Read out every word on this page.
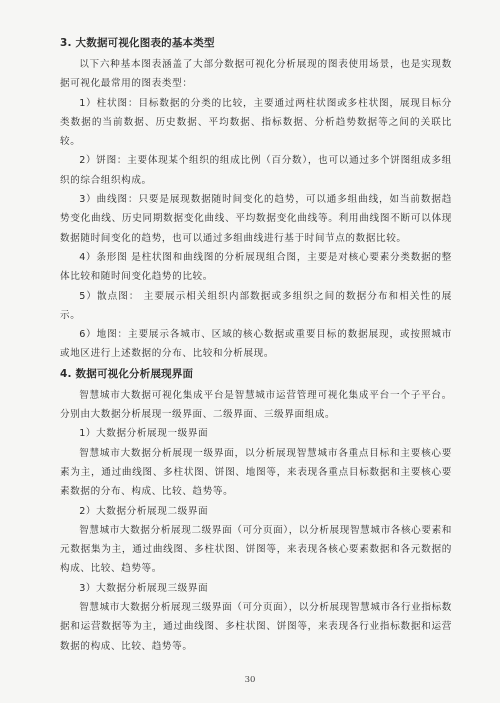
3. 大数据可视化图表的基本类型

以下六种基本图表涵盖了大部分数据可视化分析展现的图表使用场景，也是实现数据可视化最常用的图表类型：

1）柱状图：目标数据的分类的比较，主要通过两柱状图或多柱状图，展现目标分类数据的当前数据、历史数据、平均数据、指标数据、分析趋势数据等之间的关联比较。

2）饼图：主要体现某个组织的组成比例（百分数），也可以通过多个饼图组成多组织的综合组织构成。

3）曲线图：只要是展现数据随时间变化的趋势，可以通多组曲线，如当前数据趋势变化曲线、历史同期数据变化曲线、平均数据变化曲线等。利用曲线图不断可以体现数据随时间变化的趋势，也可以通过多组曲线进行基于时间节点的数据比较。

4）条形图 是柱状图和曲线图的分析展现组合图，主要是对核心要素分类数据的整体比较和随时间变化趋势的比较。

5）散点图： 主要展示相关组织内部数据或多组织之间的数据分布和相关性的展示。

6）地图：主要展示各城市、区域的核心数据或重要目标的数据展现，或按照城市或地区进行上述数据的分布、比较和分析展现。

4. 数据可视化分析展现界面

智慧城市大数据可视化集成平台是智慧城市运营管理可视化集成平台一个子平台。分别由大数据分析展现一级界面、二级界面、三级界面组成。

1）大数据分析展现一级界面

智慧城市大数据分析展现一级界面，以分析展现智慧城市各重点目标和主要核心要素为主，通过曲线图、多柱状图、饼图、地图等，来表现各重点目标数据和主要核心要素数据的分布、构成、比较、趋势等。

2）大数据分析展现二级界面

智慧城市大数据分析展现二级界面（可分页面），以分析展现智慧城市各核心要素和元数据集为主，通过曲线图、多柱状图、饼图等，来表现各核心要素数据和各元数据的构成、比较、趋势等。

3）大数据分析展现三级界面

智慧城市大数据分析展现三级界面（可分页面），以分析展现智慧城市各行业指标数据和运营数据等为主，通过曲线图、多柱状图、饼图等，来表现各行业指标数据和运营数据的构成、比较、趋势等。

30
